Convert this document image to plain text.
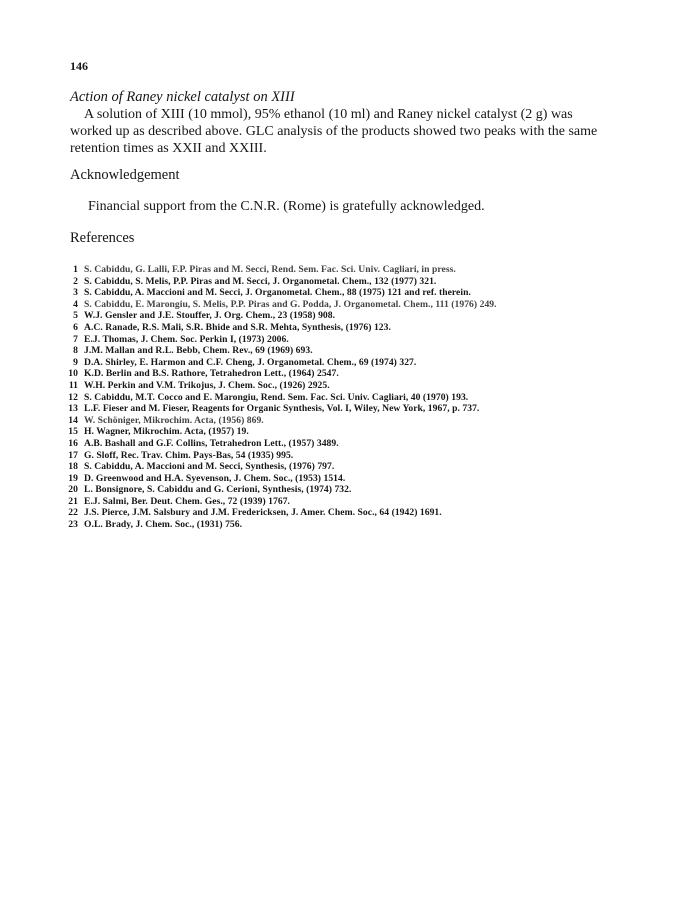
146
Action of Raney nickel catalyst on XIII

A solution of XIII (10 mmol), 95% ethanol (10 ml) and Raney nickel catalyst (2 g) was worked up as described above. GLC analysis of the products showed two peaks with the same retention times as XXII and XXIII.

Acknowledgement

Financial support from the C.N.R. (Rome) is gratefully acknowledged.

References
1 S. Cabiddu, G. Lalli, F.P. Piras and M. Secci, Rend. Sem. Fac. Sci. Univ. Cagliari, in press.
2 S. Cabiddu, S. Melis, P.P. Piras and M. Secci, J. Organometal. Chem., 132 (1977) 321.
3 S. Cabiddu, A. Maccioni and M. Secci, J. Organometal. Chem., 88 (1975) 121 and ref. therein.
4 S. Cabiddu, E. Marongiu, S. Melis, P.P. Piras and G. Podda, J. Organometal. Chem., 111 (1976) 249.
5 W.J. Gensler and J.E. Stouffer, J. Org. Chem., 23 (1958) 908.
6 A.C. Ranade, R.S. Mali, S.R. Bhide and S.R. Mehta, Synthesis, (1976) 123.
7 E.J. Thomas, J. Chem. Soc. Perkin I, (1973) 2006.
8 J.M. Mallan and R.L. Bebb, Chem. Rev., 69 (1969) 693.
9 D.A. Shirley, E. Harmon and C.F. Cheng, J. Organometal. Chem., 69 (1974) 327.
10 K.D. Berlin and B.S. Rathore, Tetrahedron Lett., (1964) 2547.
11 W.H. Perkin and V.M. Trikojus, J. Chem. Soc., (1926) 2925.
12 S. Cabiddu, M.T. Cocco and E. Marongiu, Rend. Sem. Fac. Sci. Univ. Cagliari, 40 (1970) 193.
13 L.F. Fieser and M. Fieser, Reagents for Organic Synthesis, Vol. I, Wiley, New York, 1967, p. 737.
14 W. Schöniger, Mikrochim. Acta, (1956) 869.
15 H. Wagner, Mikrochim. Acta, (1957) 19.
16 A.B. Bashall and G.F. Collins, Tetrahedron Lett., (1957) 3489.
17 G. Sloff, Rec. Trav. Chim. Pays-Bas, 54 (1935) 995.
18 S. Cabiddu, A. Maccioni and M. Secci, Synthesis, (1976) 797.
19 D. Greenwood and H.A. Syevenson, J. Chem. Soc., (1953) 1514.
20 L. Bonsignore, S. Cabiddu and G. Cerioni, Synthesis, (1974) 732.
21 E.J. Salmi, Ber. Deut. Chem. Ges., 72 (1939) 1767.
22 J.S. Pierce, J.M. Salsbury and J.M. Fredericksen, J. Amer. Chem. Soc., 64 (1942) 1691.
23 O.L. Brady, J. Chem. Soc., (1931) 756.
